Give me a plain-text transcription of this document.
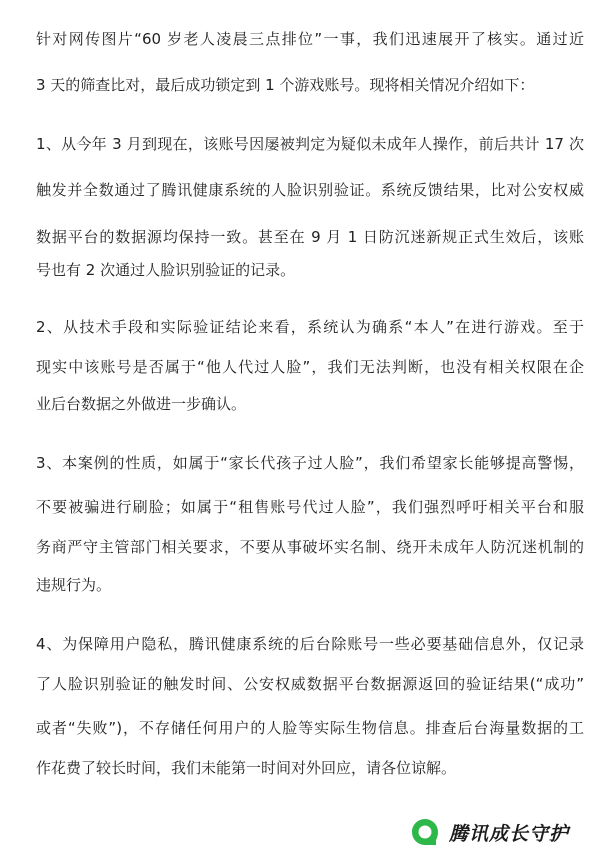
针对网传图片“60 岁老人凌晨三点排位”一事，我们迅速展开了核实。通过近
3 天的筛查比对，最后成功锁定到 1 个游戏账号。现将相关情况介绍如下：
1、从今年 3 月到现在，该账号因屡被判定为疑似未成年人操作，前后共计 17 次
触发并全数通过了腾讯健康系统的人脸识别验证。系统反馈结果，比对公安权威
数据平台的数据源均保持一致。甚至在 9 月 1 日防沉迷新规正式生效后，该账
号也有 2 次通过人脸识别验证的记录。
2、从技术手段和实际验证结论来看，系统认为确系“本人”在进行游戏。至于
现实中该账号是否属于“他人代过人脸”，我们无法判断，也没有相关权限在企
业后台数据之外做进一步确认。
3、本案例的性质，如属于“家长代孩子过人脸”，我们希望家长能够提高警惕，
不要被骗进行刷脸；如属于“租售账号代过人脸”，我们强烈呼吁相关平台和服
务商严守主管部门相关要求，不要从事破坏实名制、绕开未成年人防沉迷机制的
违规行为。
4、为保障用户隐私，腾讯健康系统的后台除账号一些必要基础信息外，仅记录
了人脸识别验证的触发时间、公安权威数据平台数据源返回的验证结果(“成功”
或者“失败”)，不存储任何用户的人脸等实际生物信息。排查后台海量数据的工
作花费了较长时间，我们未能第一时间对外回应，请各位谅解。
腾讯成长守护
